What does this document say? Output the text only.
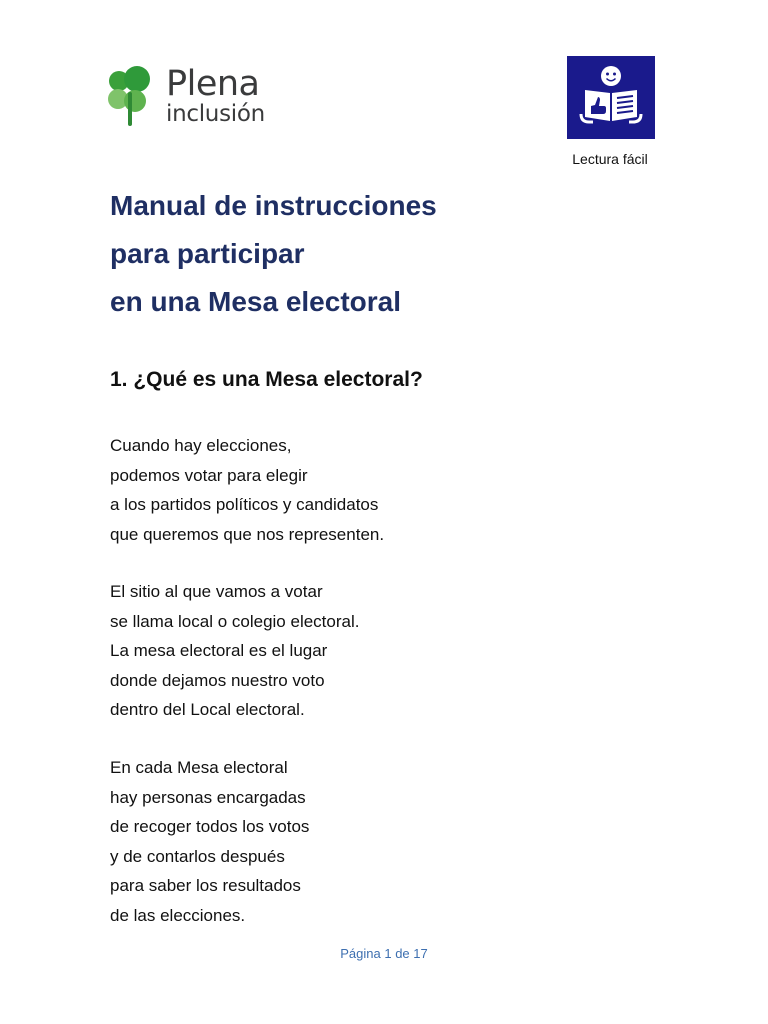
Plena
inclusión
Lectura fácil
Manual de instrucciones
para participar
en una Mesa electoral
1. ¿Qué es una Mesa electoral?

Cuando hay elecciones,
podemos votar para elegir
a los partidos políticos y candidatos
que queremos que nos representen.

El sitio al que vamos a votar
se llama local o colegio electoral.
La mesa electoral es el lugar
donde dejamos nuestro voto
dentro del Local electoral.

En cada Mesa electoral
hay personas encargadas
de recoger todos los votos
y de contarlos después
para saber los resultados
de las elecciones.

Página 1 de 17
